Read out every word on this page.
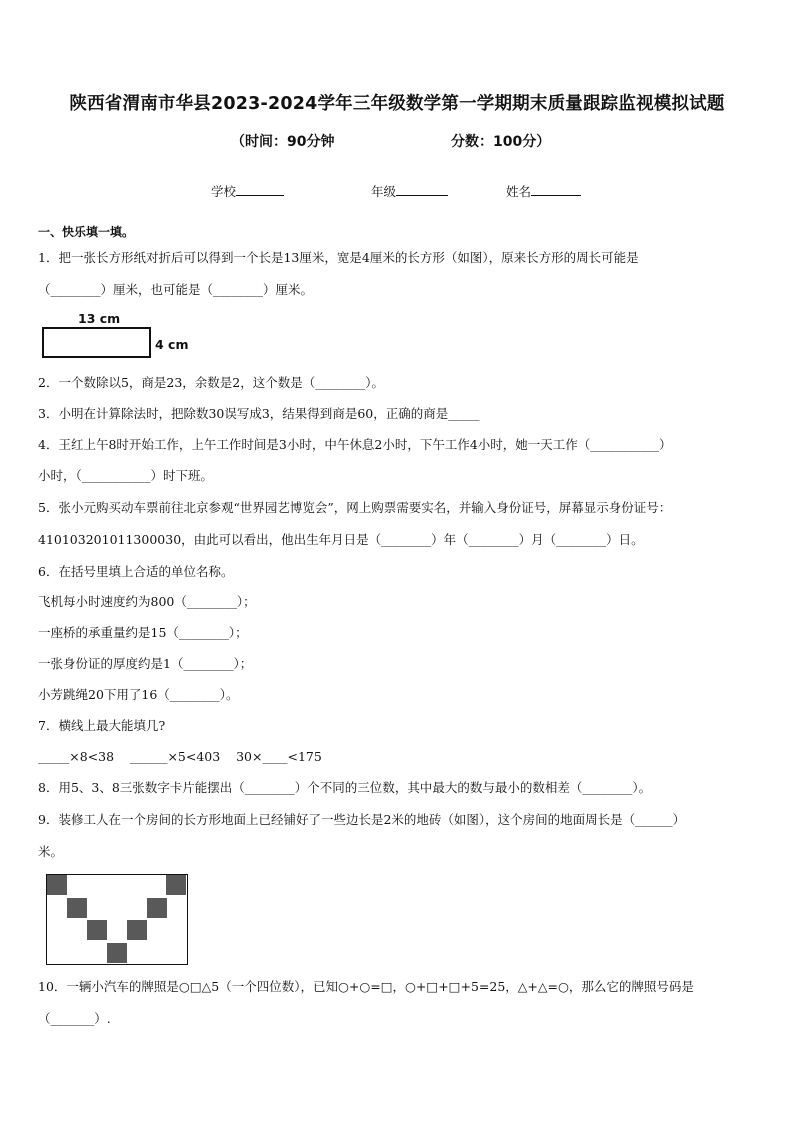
陕西省渭南市华县2023-2024学年三年级数学第一学期期末质量跟踪监视模拟试题
（时间：90分钟	分数：100分）
学校	年级	姓名
一、快乐填一填。
1．把一张长方形纸对折后可以得到一个长是13厘米，宽是4厘米的长方形（如图），原来长方形的周长可能是
（________）厘米，也可能是（________）厘米。
13 cm
4 cm
2．一个数除以5，商是23，余数是2，这个数是（________）。
3．小明在计算除法时，把除数30误写成3，结果得到商是60，正确的商是_____
4．王红上午8时开始工作，上午工作时间是3小时，中午休息2小时，下午工作4小时，她一天工作（___________）
小时，（___________）时下班。
5．张小元购买动车票前往北京参观“世界园艺博览会”，网上购票需要实名，并输入身份证号，屏幕显示身份证号：
410103201011300030，由此可以看出，他出生年月日是（________）年（________）月（________）日。
6．在括号里填上合适的单位名称。
飞机每小时速度约为800（________）；
一座桥的承重量约是15（________）；
一张身份证的厚度约是1（________）；
小芳跳绳20下用了16（________）。
7．横线上最大能填几?
_____×8<38    ______×5<403    30×____<175
8．用5、3、8三张数字卡片能摆出（________）个不同的三位数，其中最大的数与最小的数相差（________）。
9．装修工人在一个房间的长方形地面上已经铺好了一些边长是2米的地砖（如图），这个房间的地面周长是（______）
米。
10．一辆小汽车的牌照是○□△5（一个四位数），已知○+○=□，○+□+□+5=25，△+△=○，那么它的牌照号码是
（_______）.
